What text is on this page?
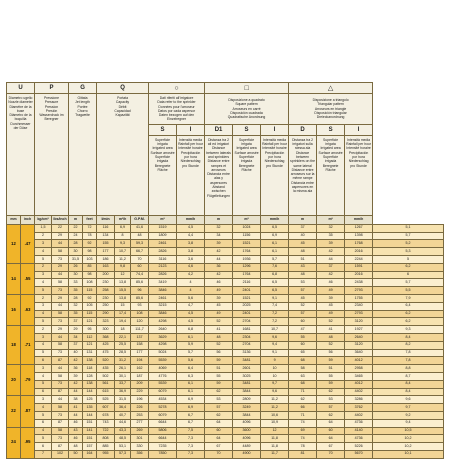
U		P		G		Q			○		□			△			
Diametro ugello
Nozzle diameter
Diamètre de la buse
Diámetro de la boquilla
Durchmesser der Düse		Pressione
Pressure
Pression
Presión
Wasserdruck im Beregner		Gittata
Jet length
Portée
Chorro
Tragweite		Portata
Capacity
Débit
Capacidad
Kapazität			Dati riferiti all'irrigatore
Data refer to the sprinkler
Données pour l'arroseur
Datos por cada aspersor
Daten bezogen auf den Einzelregner		Disposizione a quadrato
Square pattern
Arroseurs en carré
Disposición cuadrada
Quadratische Anordnung			Disposizione a triangolo
Triangular pattern
Arroseurs en triangle
Disposición triangular
Dreieckanordnung			
									S	I	D1	S	I	D	S	I	
									Superficie irrigata
Irrigated area
Surface arrosée
Superficie irrigada
Beregnete Fläche	Intensità media
Rainfall per hour
Intensité horaire
Precipitación por hora
Niederschlag pro Stunde	Distanza tra 2 ali ed irrigatori
Distance between laterals and sprinklers
Distance entre rampes et arroseurs
Distancia entre alas y aspersores
Abstand zwischen Flügelleitungen	Superficie irrigata
Irrigated area
Surface arrosée
Superficie irrigada
Beregnete Fläche	Intensità media
Rainfall per hour
Intensité horaire
Precipitación por hora
Niederschlag pro Stunde	Distanza tra 2 irrigatori sulla stessa ala
Distance between sprinklers on the same lateral
Distance entre arroseurs sur la même rampe
Distancia entre aspersores en la misma ala	Superficie irrigata
Irrigated area
Surface arrosée
Superficie irrigada
Beregnete Fläche	Intensità media
Rainfall per hour
Intensité horaire
Precipitación por hora
Niederschlag pro Stunde	
mm	inch	kg/cm²	lbs/inch	m	feet	l/min	m³/h	G.P.M.	m²	mm/h	m	m²	mm/h	m	m²	mm/h	
12	.47	1,5	22	22	72	116	6,9	41,6	1519	4,5	32	1024	6,5	37	32	1267	5,1
		2	29	24	78	134	8	48	1809	4,4	34	1156	6,9	40	35	1398	5,7
		3	44	28	92	155	9,3	59,3	2461	3,8	39	1521	6,1	45	39	1768	5,2
		4	58	30	98	177	10,7	66,7	2826	3,8	42	1764	6,1	48	42	2016	5,3
		5	73	31,5	103	186	11,2	70	3116	3,6	44	1936	5,7	51	44	2244	5
14	.55	2	29	26	85	163	9,8	60	2123	4,6	36	1296	7,6	43	37	1591	6,2
		3	44	30	98	200	12	74,4	2826	4,2	42	1764	6,8	48	42	2016	6
		4	58	33	108	230	13,8	85,6	3419	4	46	2116	6,5	53	46	2438	5,7
		5	73	35	115	258	15,5	96	3846	4	49	2401	6,5	57	49	2793	5,5
16	.63	2	29	28	92	230	13,8	85,6	2461	5,6	39	1521	9,1	45	39	1755	7,9
		3	44	32	105	250	15	93	3215	4,7	45	2025	7,4	52	45	2340	6,4
		4	58	35	115	290	17,4	108	3846	4,5	49	2401	7,2	57	49	2793	6,2
		5	73	37	121	323	19,4	120	4298	4,5	52	2704	7,2	60	52	3120	6,2
18	.71	2	29	29	95	300	18	111,7	2640	6,8	41	1681	10,7	47	41	1927	9,3
		3	44	34	112	368	22,1	137	3629	6,1	48	2304	9,6	55	48	2640	8,4
		4	58	37	121	425	25,5	158	4298	5,9	52	2704	9,4	60	52	3120	8,2
		5	73	40	131	475	28,5	177	5024	5,7	56	3136	9,1	65	56	3640	7,8
		6	87	42	138	520	31,2	194	5539	5,6	59	3481	9	68	59	4012	7,8
20	.79	3	44	36	118	435	26,1	162	4069	6,4	51	2601	10	58	51	2958	8,8
		4	58	39	128	502	30,1	187	4776	6,3	55	3025	10	63	55	3465	8,7
		5	73	42	138	561	33,7	209	5539	6,1	59	3481	9,7	68	59	4012	8,4
		6	87	44	144	615	36,9	229	6079	6,1	62	3844	9,6	71	62	4402	8,4
22	.87	3	44	38	125	525	31,5	196	4534	6,9	53	2809	11,2	62	53	3286	9,6
		4	58	41	135	607	36,4	226	5278	6,9	57	3249	11,2	66	57	3762	9,7
		5	73	44	144	678	40,7	253	6079	6,7	62	3844	10,6	71	62	4402	9,2
		6	87	46	151	743	44,6	277	6644	6,7	64	4096	10,9	74	64	4736	9,4
24	.95	4	58	43	141	722	43,3	269	5806	7,5	60	3600	12	69	60	4140	10,5
		5	73	46	151	808	48,5	301	6644	7,3	64	4096	11,8	74	64	4736	10,2
		6	87	48	157	885	53,1	330	7235	7,3	67	4489	11,8	78	67	5226	10,2
		7	102	50	164	955	57,3	356	7850	7,3	70	4900	11,7	81	70	5670	10,1
